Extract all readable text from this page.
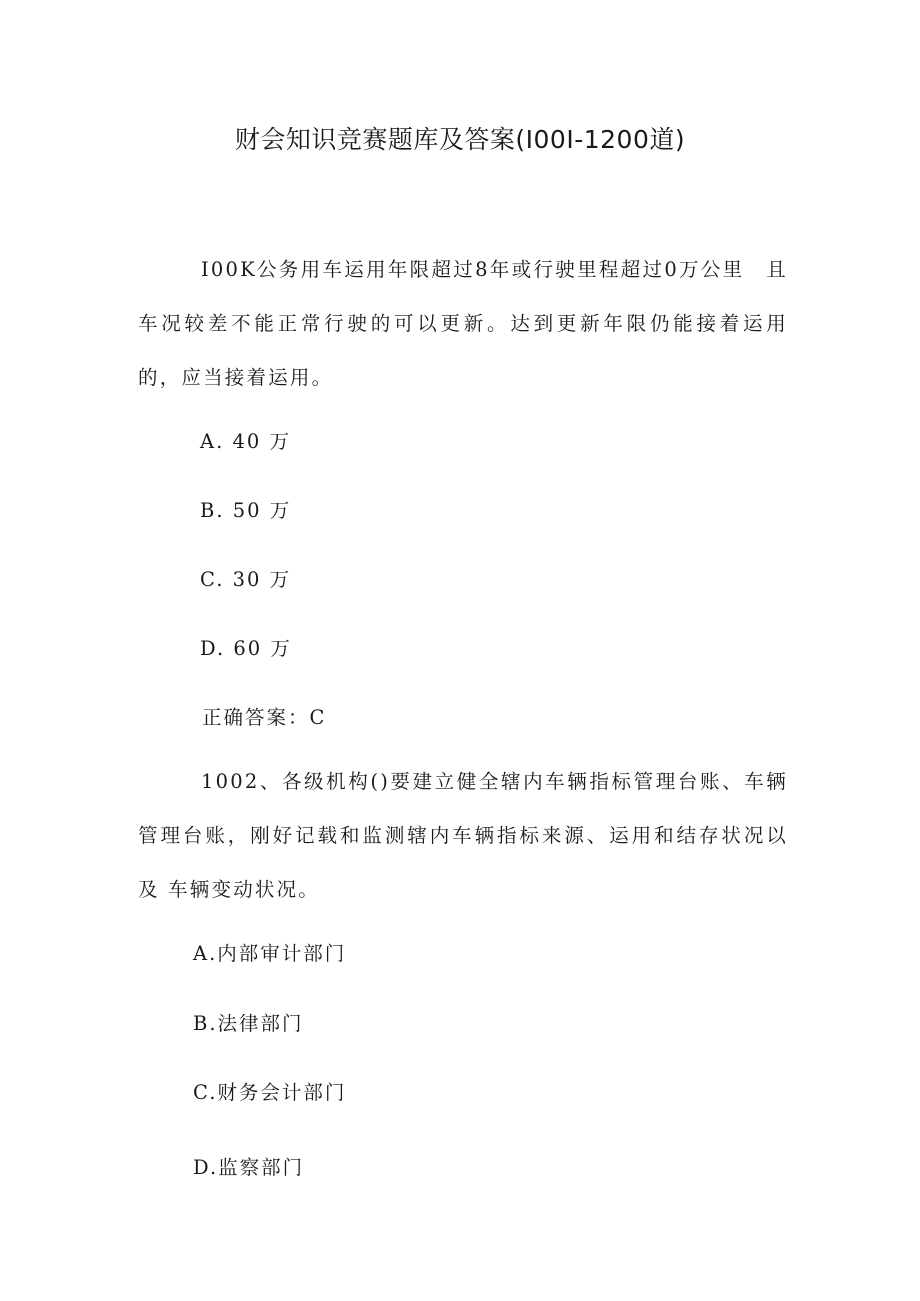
财会知识竞赛题库及答案(I00I-1200道)

I00K公务用车运用年限超过8年或行驶里程超过0万公里　且车况较差不能正常行驶的可以更新。达到更新年限仍能接着运用的，应当接着运用。

A. 40 万

B. 50 万

C. 30 万

D. 60 万

正确答案：C

1002、各级机构()要建立健全辖内车辆指标管理台账、车辆 管理台账，刚好记载和监测辖内车辆指标来源、运用和结存状况以及 车辆变动状况。

A.内部审计部门

B.法律部门

C.财务会计部门

D.监察部门
